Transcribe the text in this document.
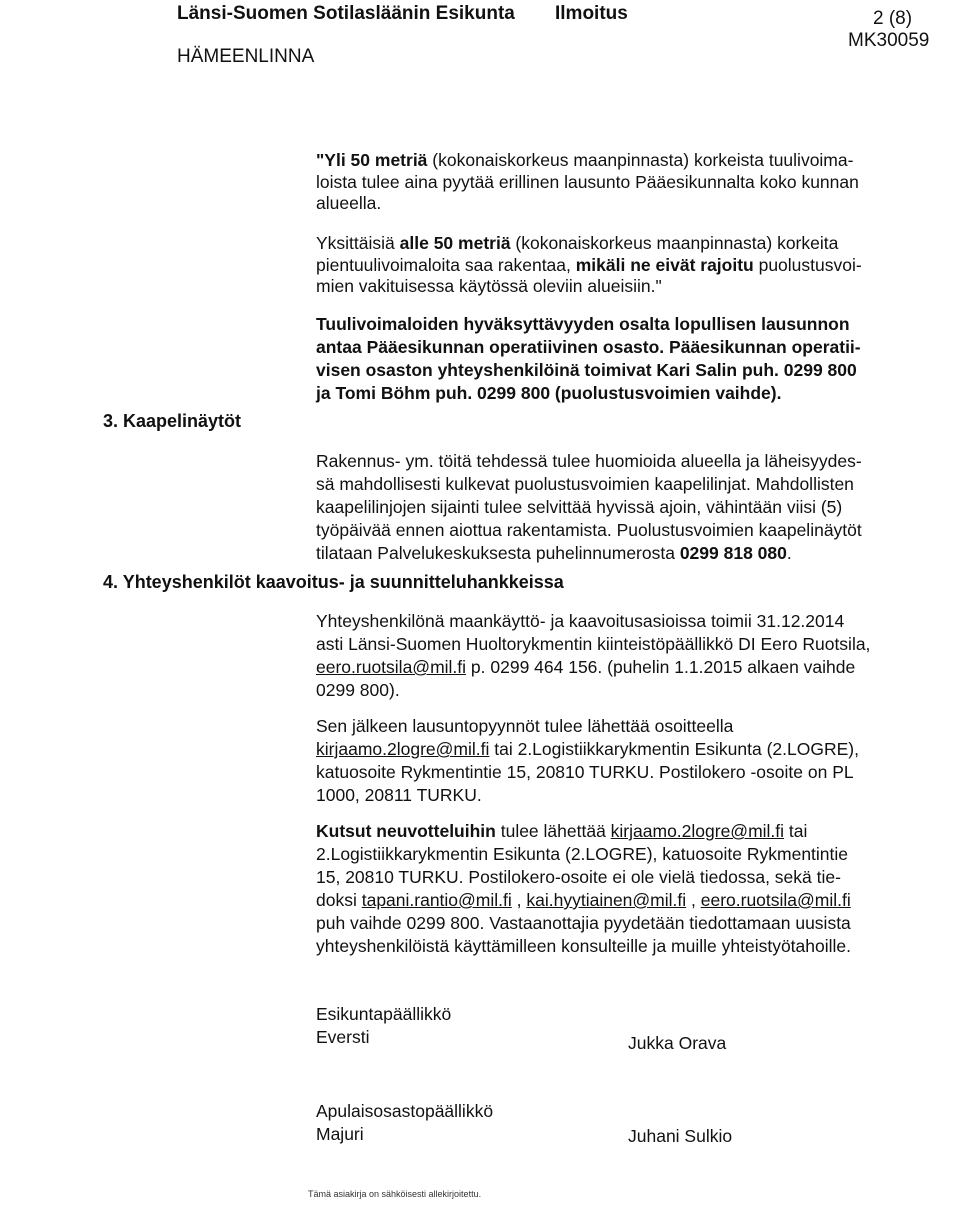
Länsi-Suomen Sotilasläänin Esikunta Ilmoitus	2 (8)
HÄMEENLINNA
MK30059

"Yli 50 metriä (kokonaiskorkeus maanpinnasta) korkeista tuulivoima-

loista tulee aina pyytää erillinen lausunto Pääesikunnalta koko kunnan

alueella.

Yksittäisiä alle 50 metriä (kokonaiskorkeus maanpinnasta) korkeita

pientuulivoimaloita saa rakentaa, mikäli ne eivät rajoitu puolustusvoi-

mien vakituisessa käytössä oleviin alueisiin."

Tuulivoimaloiden hyväksyttävyyden osalta lopullisen lausunnon

antaa Pääesikunnan operatiivinen osasto. Pääesikunnan operatii-

visen osaston yhteyshenkilöinä toimivat Kari Salin puh. 0299 800

ja Tomi Böhm puh. 0299 800 (puolustusvoimien vaihde).

3. Kaapelinäytöt

Rakennus- ym. töitä tehdessä tulee huomioida alueella ja läheisyydes-

sä mahdollisesti kulkevat puolustusvoimien kaapelilinjat. Mahdollisten

kaapelilinjojen sijainti tulee selvittää hyvissä ajoin, vähintään viisi (5)

työpäivää ennen aiottua rakentamista. Puolustusvoimien kaapelinäytöt

tilataan Palvelukeskuksesta puhelinnumerosta 0299 818 080.

4. Yhteyshenkilöt kaavoitus- ja suunnitteluhankkeissa

Yhteyshenkilönä maankäyttö- ja kaavoitusasioissa toimii 31.12.2014

asti Länsi-Suomen Huoltorykmentin kiinteistöpäällikkö DI Eero Ruotsila,

eero.ruotsila@mil.fi p. 0299 464 156. (puhelin 1.1.2015 alkaen vaihde

0299 800).

Sen jälkeen lausuntopyynnöt tulee lähettää osoitteella

kirjaamo.2logre@mil.fi tai 2.Logistiikkarykmentin Esikunta (2.LOGRE),

katuosoite Rykmentintie 15, 20810 TURKU. Postilokero -osoite on PL

1000, 20811 TURKU.

Kutsut neuvotteluihin tulee lähettää kirjaamo.2logre@mil.fi tai

2.Logistiikkarykmentin Esikunta (2.LOGRE), katuosoite Rykmentintie

15, 20810 TURKU. Postilokero-osoite ei ole vielä tiedossa, sekä tie-

doksi tapani.rantio@mil.fi , kai.hyytiainen@mil.fi , eero.ruotsila@mil.fi

puh vaihde 0299 800. Vastaanottajia pyydetään tiedottamaan uusista

yhteyshenkilöistä käyttämilleen konsulteille ja muille yhteistyötahoille.

Esikuntapäällikkö

Eversti	Jukka Orava

Apulaisosastopäällikkö

Majuri	Juhani Sulkio
Tämä asiakirja on sähköisesti allekirjoitettu.
